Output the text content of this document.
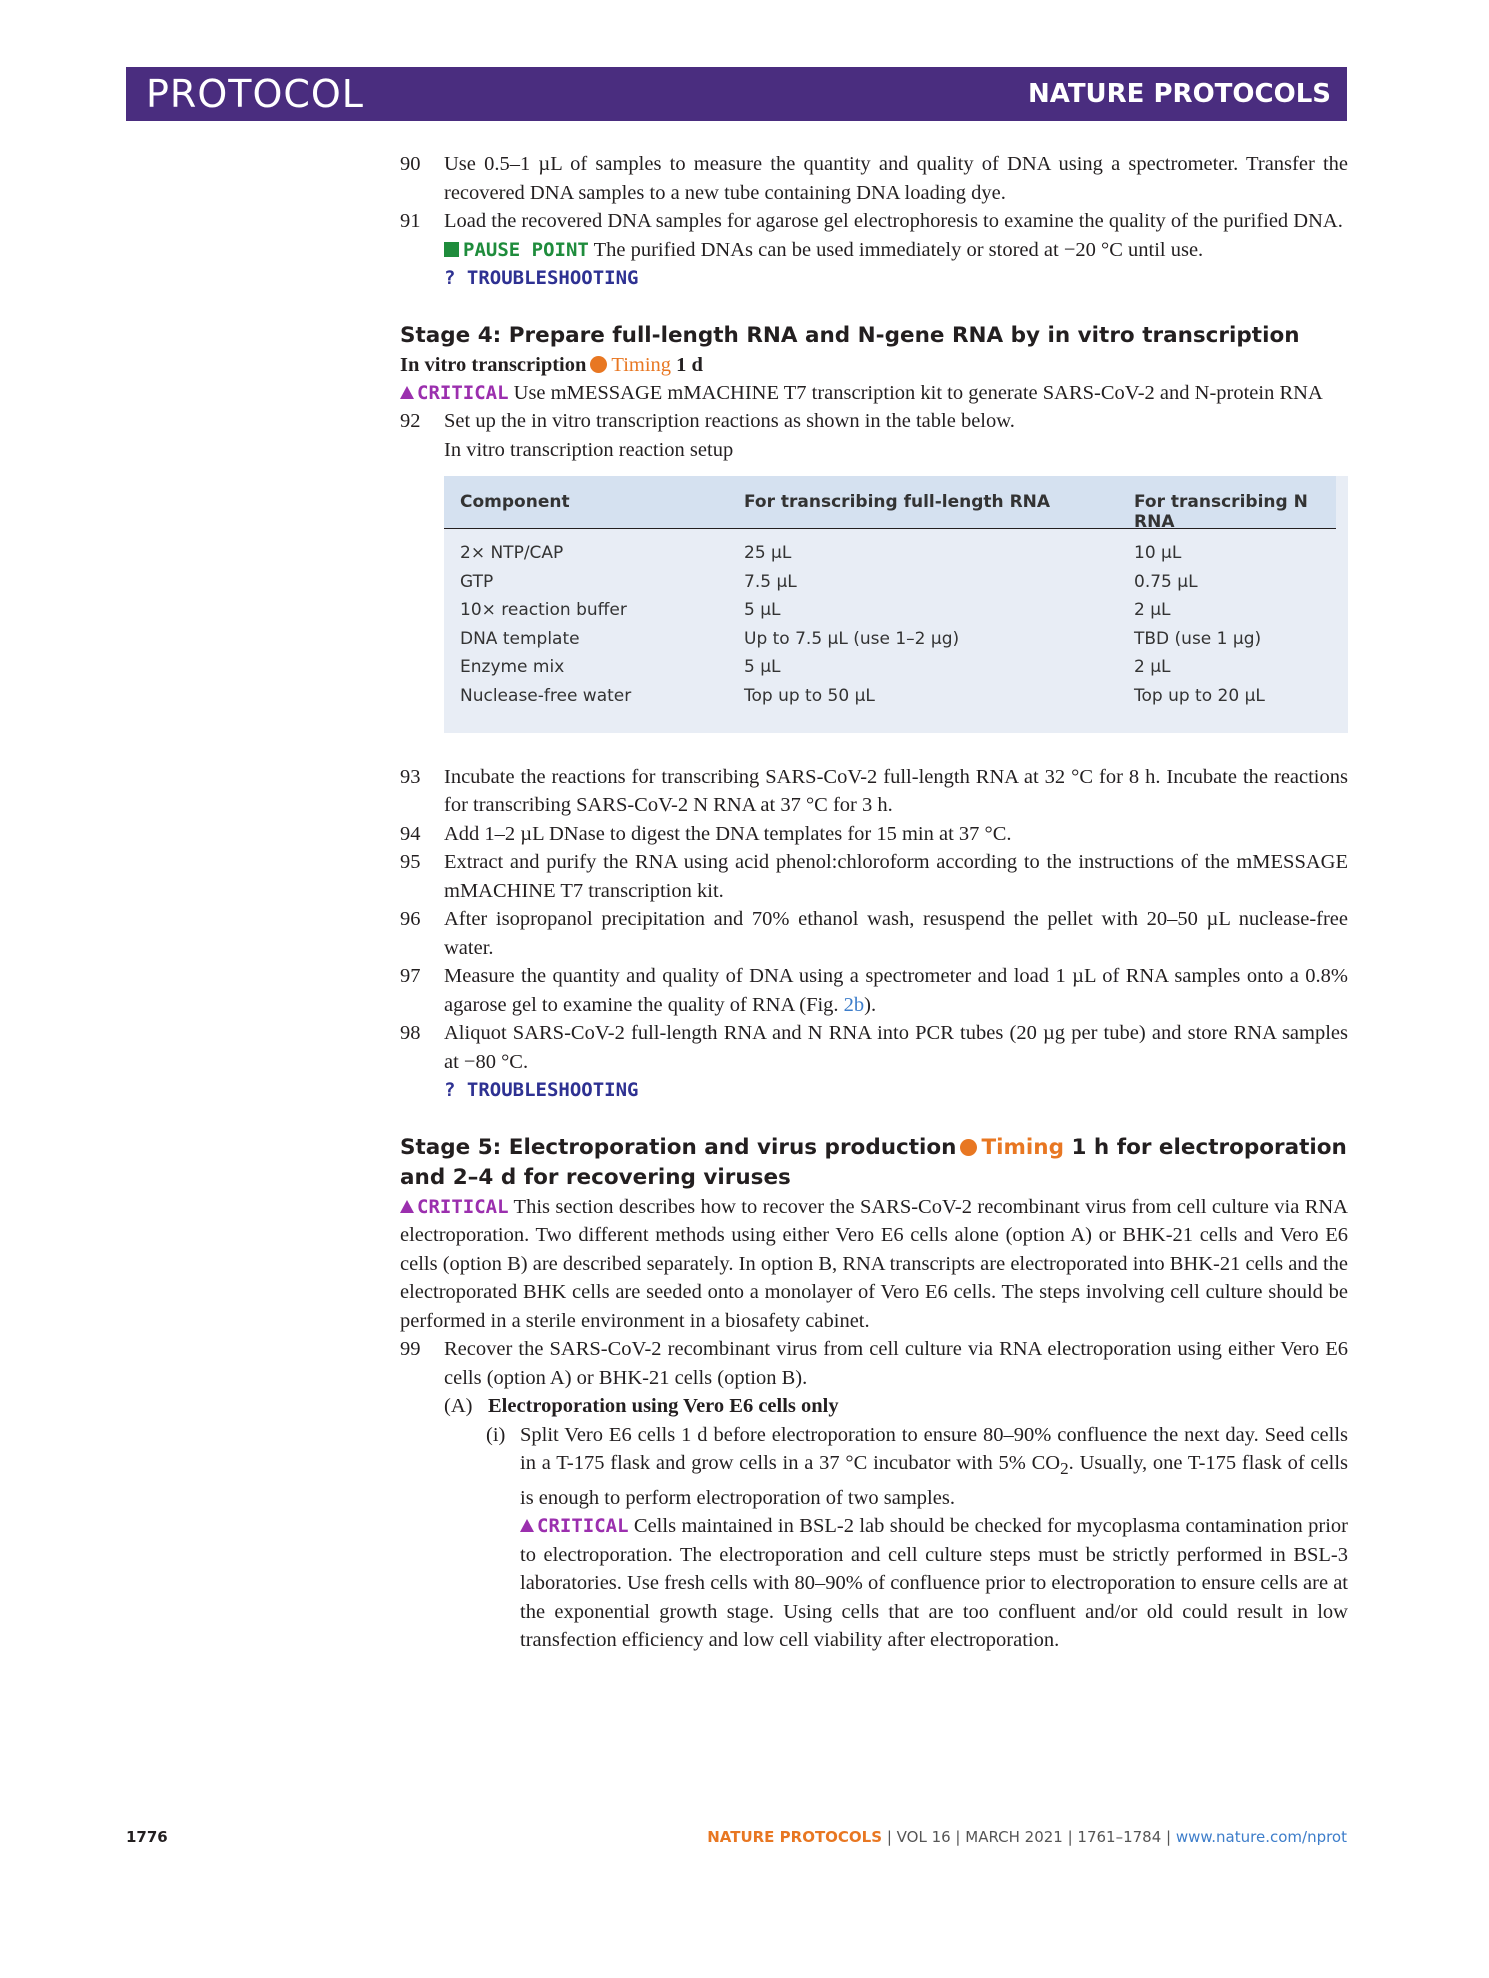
PROTOCOL	NATURE PROTOCOLS
90 Use 0.5–1 µL of samples to measure the quantity and quality of DNA using a spectrometer. Transfer the recovered DNA samples to a new tube containing DNA loading dye.

91 Load the recovered DNA samples for agarose gel electrophoresis to examine the quality of the purified DNA.

PAUSE POINT The purified DNAs can be used immediately or stored at −20 °C until use.

? TROUBLESHOOTING

Stage 4: Prepare full-length RNA and N-gene RNA by in vitro transcription

In vitro transcription Timing 1 d

CRITICAL Use mMESSAGE mMACHINE T7 transcription kit to generate SARS-CoV-2 and N-protein RNA

92 Set up the in vitro transcription reactions as shown in the table below.

In vitro transcription reaction setup

Component	For transcribing full-length RNA	For transcribing N RNA
2× NTP/CAP	25 µL	10 µL
GTP	7.5 µL	0.75 µL
10× reaction buffer	5 µL	2 µL
DNA template	Up to 7.5 µL (use 1–2 µg)	TBD (use 1 µg)
Enzyme mix	5 µL	2 µL
Nuclease-free water	Top up to 50 µL	Top up to 20 µL
93 Incubate the reactions for transcribing SARS-CoV-2 full-length RNA at 32 °C for 8 h. Incubate the reactions for transcribing SARS-CoV-2 N RNA at 37 °C for 3 h.

94 Add 1–2 µL DNase to digest the DNA templates for 15 min at 37 °C.

95 Extract and purify the RNA using acid phenol:chloroform according to the instructions of the mMESSAGE mMACHINE T7 transcription kit.

96 After isopropanol precipitation and 70% ethanol wash, resuspend the pellet with 20–50 µL nuclease-free water.

97 Measure the quantity and quality of DNA using a spectrometer and load 1 µL of RNA samples onto a 0.8% agarose gel to examine the quality of RNA (Fig. 2b).

98 Aliquot SARS-CoV-2 full-length RNA and N RNA into PCR tubes (20 µg per tube) and store RNA samples at −80 °C.

? TROUBLESHOOTING

Stage 5: Electroporation and virus production Timing 1 h for electroporation and 2–4 d for recovering viruses

CRITICAL This section describes how to recover the SARS-CoV-2 recombinant virus from cell culture via RNA electroporation. Two different methods using either Vero E6 cells alone (option A) or BHK-21 cells and Vero E6 cells (option B) are described separately. In option B, RNA transcripts are electroporated into BHK-21 cells and the electroporated BHK cells are seeded onto a monolayer of Vero E6 cells. The steps involving cell culture should be performed in a sterile environment in a biosafety cabinet.

99 Recover the SARS-CoV-2 recombinant virus from cell culture via RNA electroporation using either Vero E6 cells (option A) or BHK-21 cells (option B).

(A) Electroporation using Vero E6 cells only

(i) Split Vero E6 cells 1 d before electroporation to ensure 80–90% confluence the next day. Seed cells in a T-175 flask and grow cells in a 37 °C incubator with 5% $CO_2$. Usually, one T-175 flask of cells is enough to perform electroporation of two samples.

CRITICAL Cells maintained in BSL-2 lab should be checked for mycoplasma contamination prior to electroporation. The electroporation and cell culture steps must be strictly performed in BSL-3 laboratories. Use fresh cells with 80–90% of confluence prior to electroporation to ensure cells are at the exponential growth stage. Using cells that are too confluent and/or old could result in low transfection efficiency and low cell viability after electroporation.

1776	NATURE PROTOCOLS | VOL 16 | MARCH 2021 | 1761–1784 | www.nature.com/nprot
